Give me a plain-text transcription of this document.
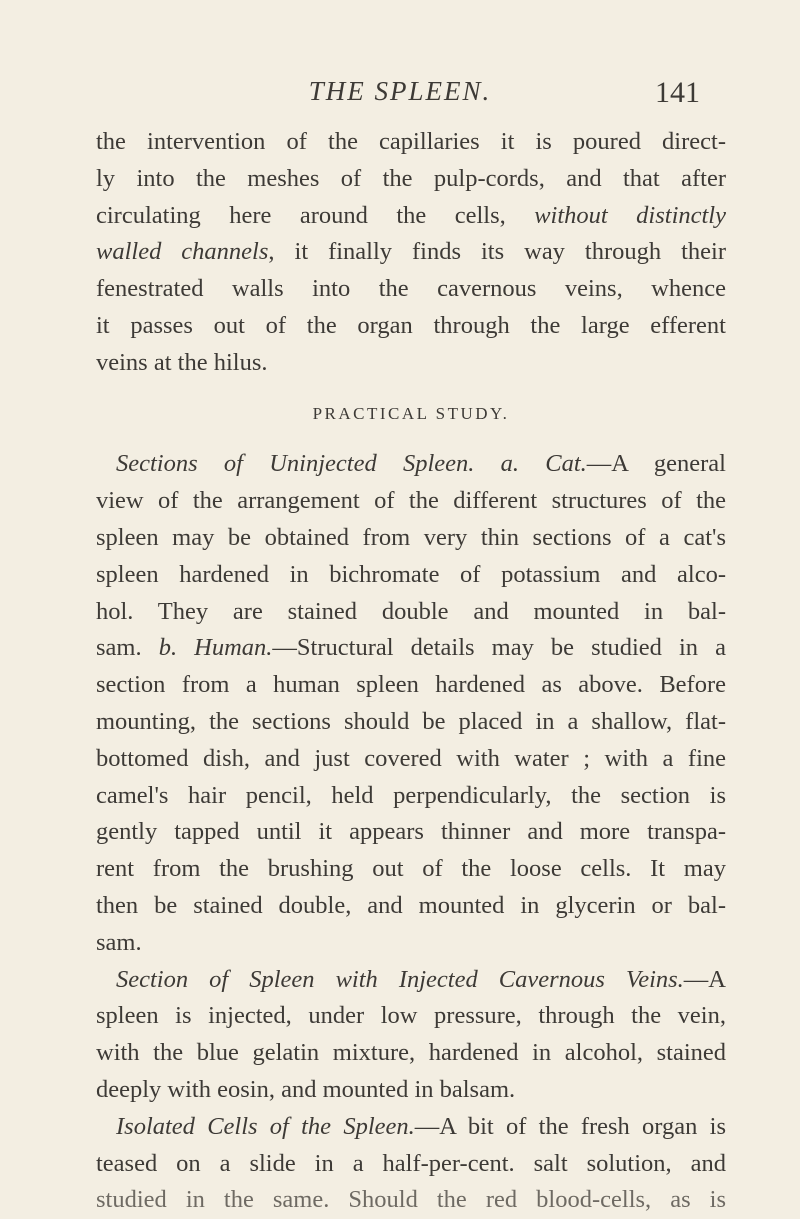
THE SPLEEN.	141
the intervention of the capillaries it is poured direct-
ly into the meshes of the pulp-cords, and that after
circulating here around the cells, without distinctly
walled channels, it finally finds its way through their
fenestrated walls into the cavernous veins, whence
it passes out of the organ through the large efferent
veins at the hilus.
PRACTICAL STUDY.
Sections of Uninjected Spleen. a. Cat.—A general
view of the arrangement of the different structures of the
spleen may be obtained from very thin sections of a cat's
spleen hardened in bichromate of potassium and alco-
hol. They are stained double and mounted in bal-
sam. b. Human.—Structural details may be studied in a
section from a human spleen hardened as above. Before
mounting, the sections should be placed in a shallow, flat-
bottomed dish, and just covered with water ; with a fine
camel's hair pencil, held perpendicularly, the section is
gently tapped until it appears thinner and more transpa-
rent from the brushing out of the loose cells. It may
then be stained double, and mounted in glycerin or bal-
sam.
Section of Spleen with Injected Cavernous Veins.—A
spleen is injected, under low pressure, through the vein,
with the blue gelatin mixture, hardened in alcohol, stained
deeply with eosin, and mounted in balsam.
Isolated Cells of the Spleen.—A bit of the fresh organ is
teased on a slide in a half-per-cent. salt solution, and
studied in the same. Should the red blood-cells, as is
